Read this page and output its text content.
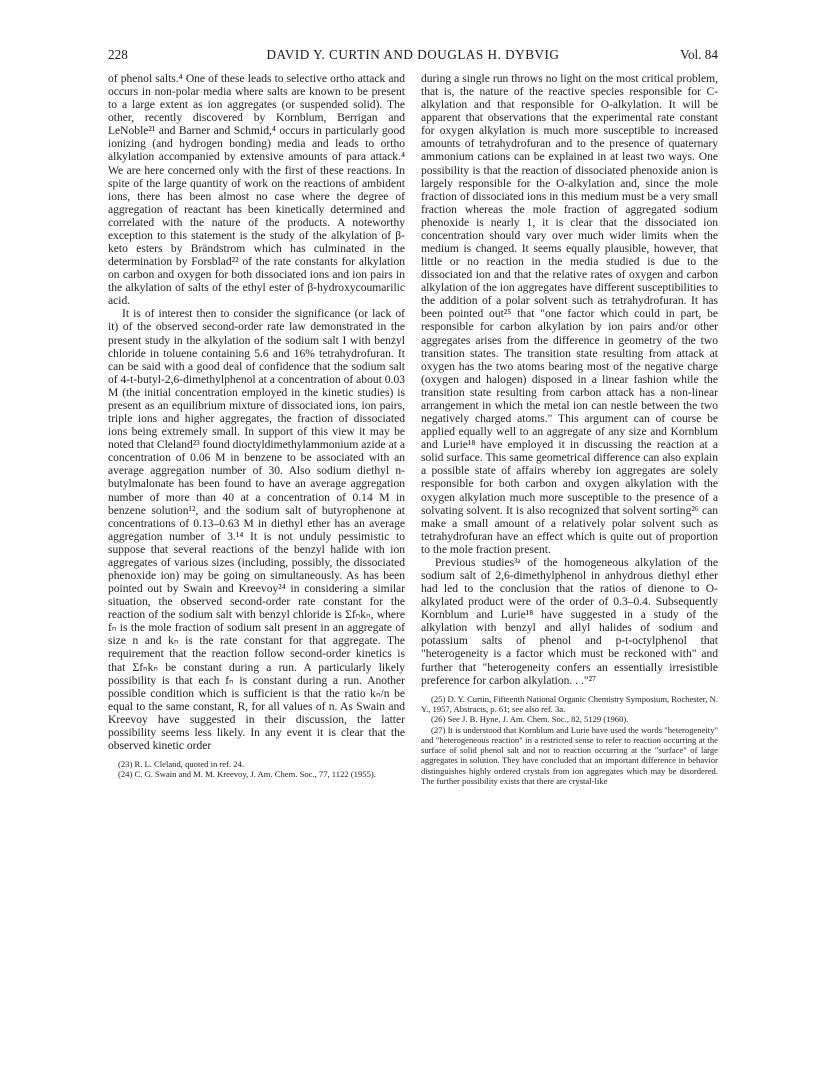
228	DAVID Y. CURTIN AND DOUGLAS H. DYBVIG	Vol. 84

of phenol salts.⁴ One of these leads to selective ortho attack and occurs in non-polar media where salts are known to be present to a large extent as ion aggregates (or suspended solid). The other, recently discovered by Kornblum, Berrigan and LeNoble²¹ and Barner and Schmid,⁴ occurs in particularly good ionizing (and hydrogen bonding) media and leads to ortho alkylation accompanied by extensive amounts of para attack.⁴ We are here concerned only with the first of these reactions. In spite of the large quantity of work on the reactions of ambident ions, there has been almost no case where the degree of aggregation of reactant has been kinetically determined and correlated with the nature of the products. A noteworthy exception to this statement is the study of the alkylation of β-keto esters by Brändstrom which has culminated in the determination by Forsblad²² of the rate constants for alkylation on carbon and oxygen for both dissociated ions and ion pairs in the alkylation of salts of the ethyl ester of β-hydroxycoumarilic acid.

It is of interest then to consider the significance (or lack of it) of the observed second-order rate law demonstrated in the present study in the alkylation of the sodium salt I with benzyl chloride in toluene containing 5.6 and 16% tetrahydrofuran. It can be said with a good deal of confidence that the sodium salt of 4-t-butyl-2,6-dimethylphenol at a concentration of about 0.03 M (the initial concentration employed in the kinetic studies) is present as an equilibrium mixture of dissociated ions, ion pairs, triple ions and higher aggregates, the fraction of dissociated ions being extremely small. In support of this view it may be noted that Cleland²³ found dioctyldimethylammonium azide at a concentration of 0.06 M in benzene to be associated with an average aggregation number of 30. Also sodium diethyl n-butylmalonate has been found to have an average aggregation number of more than 40 at a concentration of 0.14 M in benzene solution¹², and the sodium salt of butyrophenone at concentrations of 0.13–0.63 M in diethyl ether has an average aggregation number of 3.¹⁴ It is not unduly pessimistic to suppose that several reactions of the benzyl halide with ion aggregates of various sizes (including, possibly, the dissociated phenoxide ion) may be going on simultaneously. As has been pointed out by Swain and Kreevoy²⁴ in considering a similar situation, the observed second-order rate constant for the reaction of the sodium salt with benzyl chloride is Σfₙkₙ, where fₙ is the mole fraction of sodium salt present in an aggregate of size n and kₙ is the rate constant for that aggregate. The requirement that the reaction follow second-order kinetics is that Σfₙkₙ be constant during a run. A particularly likely possibility is that each fₙ is constant during a run. Another possible condition which is sufficient is that the ratio kₙ/n be equal to the same constant, R, for all values of n. As Swain and Kreevoy have suggested in their discussion, the latter possibility seems less likely. In any event it is clear that the observed kinetic order

(23) R. L. Cleland, quoted in ref. 24.

(24) C. G. Swain and M. M. Kreevoy, J. Am. Chem. Soc., 77, 1122 (1955).

during a single run throws no light on the most critical problem, that is, the nature of the reactive species responsible for C-alkylation and that responsible for O-alkylation. It will be apparent that observations that the experimental rate constant for oxygen alkylation is much more susceptible to increased amounts of tetrahydrofuran and to the presence of quaternary ammonium cations can be explained in at least two ways. One possibility is that the reaction of dissociated phenoxide anion is largely responsible for the O-alkylation and, since the mole fraction of dissociated ions in this medium must be a very small fraction whereas the mole fraction of aggregated sodium phenoxide is nearly 1, it is clear that the dissociated ion concentration should vary over much wider limits when the medium is changed. It seems equally plausible, however, that little or no reaction in the media studied is due to the dissociated ion and that the relative rates of oxygen and carbon alkylation of the ion aggregates have different susceptibilities to the addition of a polar solvent such as tetrahydrofuran. It has been pointed out²⁵ that "one factor which could in part, be responsible for carbon alkylation by ion pairs and/or other aggregates arises from the difference in geometry of the two transition states. The transition state resulting from attack at oxygen has the two atoms bearing most of the negative charge (oxygen and halogen) disposed in a linear fashion while the transition state resulting from carbon attack has a non-linear arrangement in which the metal ion can nestle between the two negatively charged atoms." This argument can of course be applied equally well to an aggregate of any size and Kornblum and Lurie¹⁸ have employed it in discussing the reaction at a solid surface. This same geometrical difference can also explain a possible state of affairs whereby ion aggregates are solely responsible for both carbon and oxygen alkylation with the oxygen alkylation much more susceptible to the presence of a solvating solvent. It is also recognized that solvent sorting²⁶ can make a small amount of a relatively polar solvent such as tetrahydrofuran have an effect which is quite out of proportion to the mole fraction present.

Previous studies³ᵃ of the homogeneous alkylation of the sodium salt of 2,6-dimethylphenol in anhydrous diethyl ether had led to the conclusion that the ratios of dienone to O-alkylated product were of the order of 0.3–0.4. Subsequently Kornblum and Lurie¹⁸ have suggested in a study of the alkylation with benzyl and allyl halides of sodium and potassium salts of phenol and p-t-octylphenol that "heterogeneity is a factor which must be reckoned with" and further that "heterogeneity confers an essentially irresistible preference for carbon alkylation. . ."²⁷

(25) D. Y. Curtin, Fifteenth National Organic Chemistry Symposium, Rochester, N. Y., 1957, Abstracts, p. 61; see also ref. 3a.

(26) See J. B. Hyne, J. Am. Chem. Soc., 82, 5129 (1960).

(27) It is understood that Kornblum and Lurie have used the words "heterogeneity" and "heterogeneous reaction" in a restricted sense to refer to reaction occurring at the surface of solid phenol salt and not to reaction occurring at the "surface" of large aggregates in solution. They have concluded that an important difference in behavior distinguishes highly ordered crystals from ion aggregates which may be disordered. The further possibility exists that there are crystal-like
